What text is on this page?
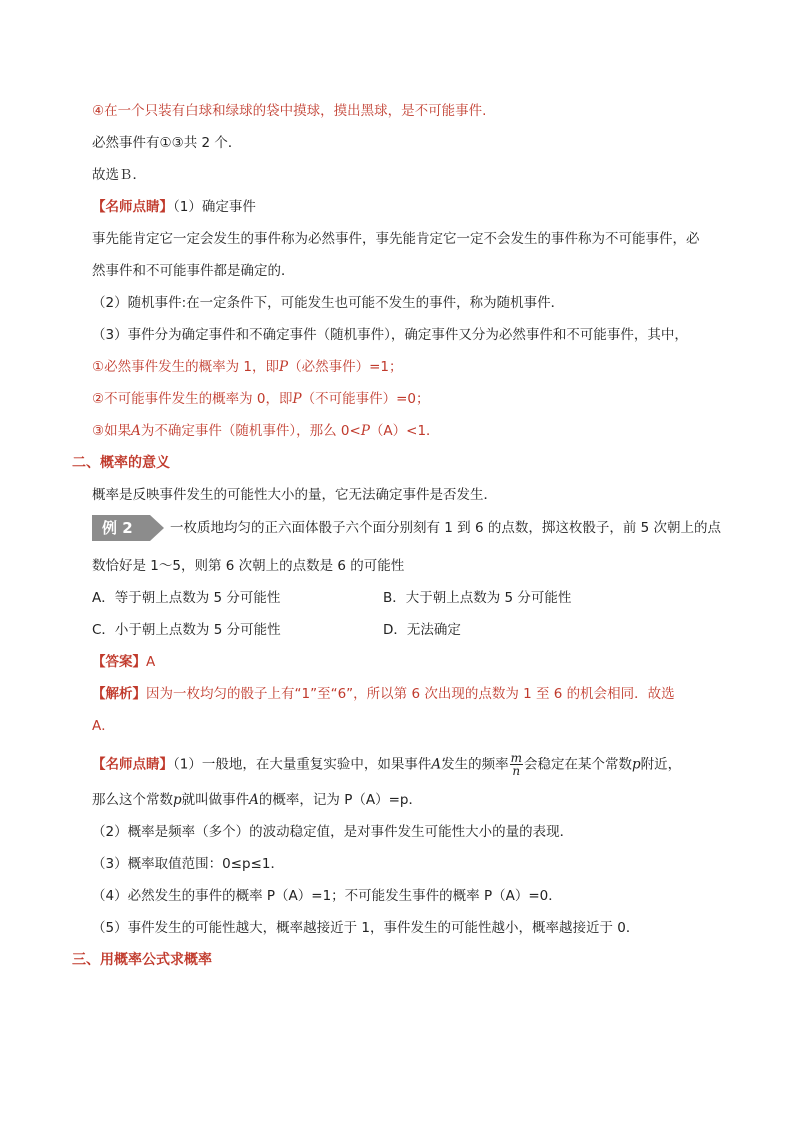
④在一个只装有白球和绿球的袋中摸球，摸出黑球，是不可能事件.
必然事件有①③共 2 个．
故选Ｂ．
【名师点睛】（1）确定事件
事先能肯定它一定会发生的事件称为必然事件，事先能肯定它一定不会发生的事件称为不可能事件，必
然事件和不可能事件都是确定的．
（2）随机事件:在一定条件下，可能发生也可能不发生的事件，称为随机事件．
（3）事件分为确定事件和不确定事件（随机事件），确定事件又分为必然事件和不可能事件，其中，
①必然事件发生的概率为 1，即P（必然事件）=1；
②不可能事件发生的概率为 0，即P（不可能事件）=0；
③如果A为不确定事件（随机事件），那么 0<P（A）<1．
二、概率的意义
概率是反映事件发生的可能性大小的量，它无法确定事件是否发生．
例 2	一枚质地均匀的正六面体骰子六个面分别刻有 1 到 6 的点数，掷这枚骰子，前 5 次朝上的点
数恰好是 1～5，则第 6 次朝上的点数是 6 的可能性
A．等于朝上点数为 5 分可能性	B．大于朝上点数为 5 分可能性
C．小于朝上点数为 5 分可能性	D．无法确定
【答案】A
【解析】因为一枚均匀的骰子上有“1”至“6”，所以第 6 次出现的点数为 1 至 6 的机会相同．故选
A．
【名师点睛】（1）一般地，在大量重复实验中，如果事件A发生的频率 $\frac{m}{n}$ 会稳定在某个常数p附近，
那么这个常数p就叫做事件A的概率，记为 P（A）=p．
（2）概率是频率（多个）的波动稳定值，是对事件发生可能性大小的量的表现．
（3）概率取值范围：0≤p≤1．
（4）必然发生的事件的概率 P（A）=1；不可能发生事件的概率 P（A）=0．
（5）事件发生的可能性越大，概率越接近于 1，事件发生的可能性越小，概率越接近于 0．
三、用概率公式求概率
